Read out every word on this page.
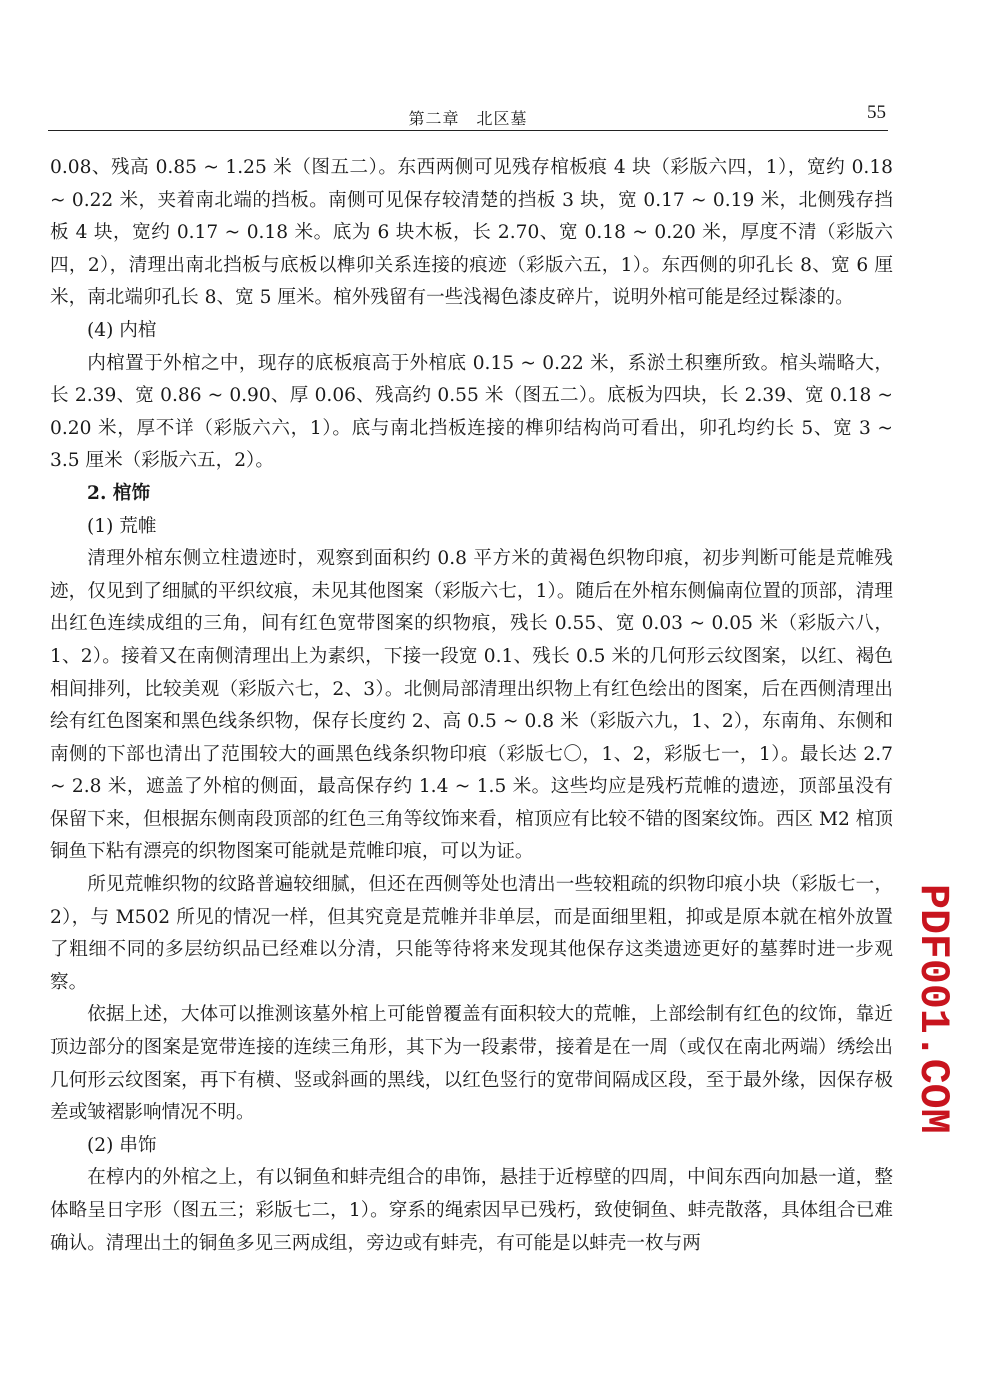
第二章　北区墓	55

0.08、残高 0.85 ~ 1.25 米（图五二）。东西两侧可见残存棺板痕 4 块（彩版六四，1），宽约 0.18 ~ 0.22 米，夹着南北端的挡板。南侧可见保存较清楚的挡板 3 块，宽 0.17 ~ 0.19 米，北侧残存挡板 4 块，宽约 0.17 ~ 0.18 米。底为 6 块木板，长 2.70、宽 0.18 ~ 0.20 米，厚度不清（彩版六四，2），清理出南北挡板与底板以榫卯关系连接的痕迹（彩版六五，1）。东西侧的卯孔长 8、宽 6 厘米，南北端卯孔长 8、宽 5 厘米。棺外残留有一些浅褐色漆皮碎片，说明外棺可能是经过髹漆的。

(4) 内棺

内棺置于外棺之中，现存的底板痕高于外棺底 0.15 ~ 0.22 米，系淤土积壅所致。棺头端略大，长 2.39、宽 0.86 ~ 0.90、厚 0.06、残高约 0.55 米（图五二）。底板为四块，长 2.39、宽 0.18 ~ 0.20 米，厚不详（彩版六六，1）。底与南北挡板连接的榫卯结构尚可看出，卯孔均约长 5、宽 3 ~ 3.5 厘米（彩版六五，2）。

2. 棺饰
(1) 荒帷

清理外棺东侧立柱遗迹时，观察到面积约 0.8 平方米的黄褐色织物印痕，初步判断可能是荒帷残迹，仅见到了细腻的平织纹痕，未见其他图案（彩版六七，1）。随后在外棺东侧偏南位置的顶部，清理出红色连续成组的三角，间有红色宽带图案的织物痕，残长 0.55、宽 0.03 ~ 0.05 米（彩版六八，1、2）。接着又在南侧清理出上为素织，下接一段宽 0.1、残长 0.5 米的几何形云纹图案，以红、褐色相间排列，比较美观（彩版六七，2、3）。北侧局部清理出织物上有红色绘出的图案，后在西侧清理出绘有红色图案和黑色线条织物，保存长度约 2、高 0.5 ~ 0.8 米（彩版六九，1、2），东南角、东侧和南侧的下部也清出了范围较大的画黑色线条织物印痕（彩版七〇，1、2，彩版七一，1）。最长达 2.7 ~ 2.8 米，遮盖了外棺的侧面，最高保存约 1.4 ~ 1.5 米。这些均应是残朽荒帷的遗迹，顶部虽没有保留下来，但根据东侧南段顶部的红色三角等纹饰来看，棺顶应有比较不错的图案纹饰。西区 M2 棺顶铜鱼下粘有漂亮的织物图案可能就是荒帷印痕，可以为证。

所见荒帷织物的纹路普遍较细腻，但还在西侧等处也清出一些较粗疏的织物印痕小块（彩版七一，2），与 M502 所见的情况一样，但其究竟是荒帷并非单层，而是面细里粗，抑或是原本就在棺外放置了粗细不同的多层纺织品已经难以分清，只能等待将来发现其他保存这类遗迹更好的墓葬时进一步观察。

依据上述，大体可以推测该墓外棺上可能曾覆盖有面积较大的荒帷，上部绘制有红色的纹饰，靠近顶边部分的图案是宽带连接的连续三角形，其下为一段素带，接着是在一周（或仅在南北两端）绣绘出几何形云纹图案，再下有横、竖或斜画的黑线，以红色竖行的宽带间隔成区段，至于最外缘，因保存极差或皱褶影响情况不明。

(2) 串饰

在椁内的外棺之上，有以铜鱼和蚌壳组合的串饰，悬挂于近椁壁的四周，中间东西向加悬一道，整体略呈日字形（图五三；彩版七二，1）。穿系的绳索因早已残朽，致使铜鱼、蚌壳散落，具体组合已难确认。清理出土的铜鱼多见三两成组，旁边或有蚌壳，有可能是以蚌壳一枚与两

PDF001.COM
